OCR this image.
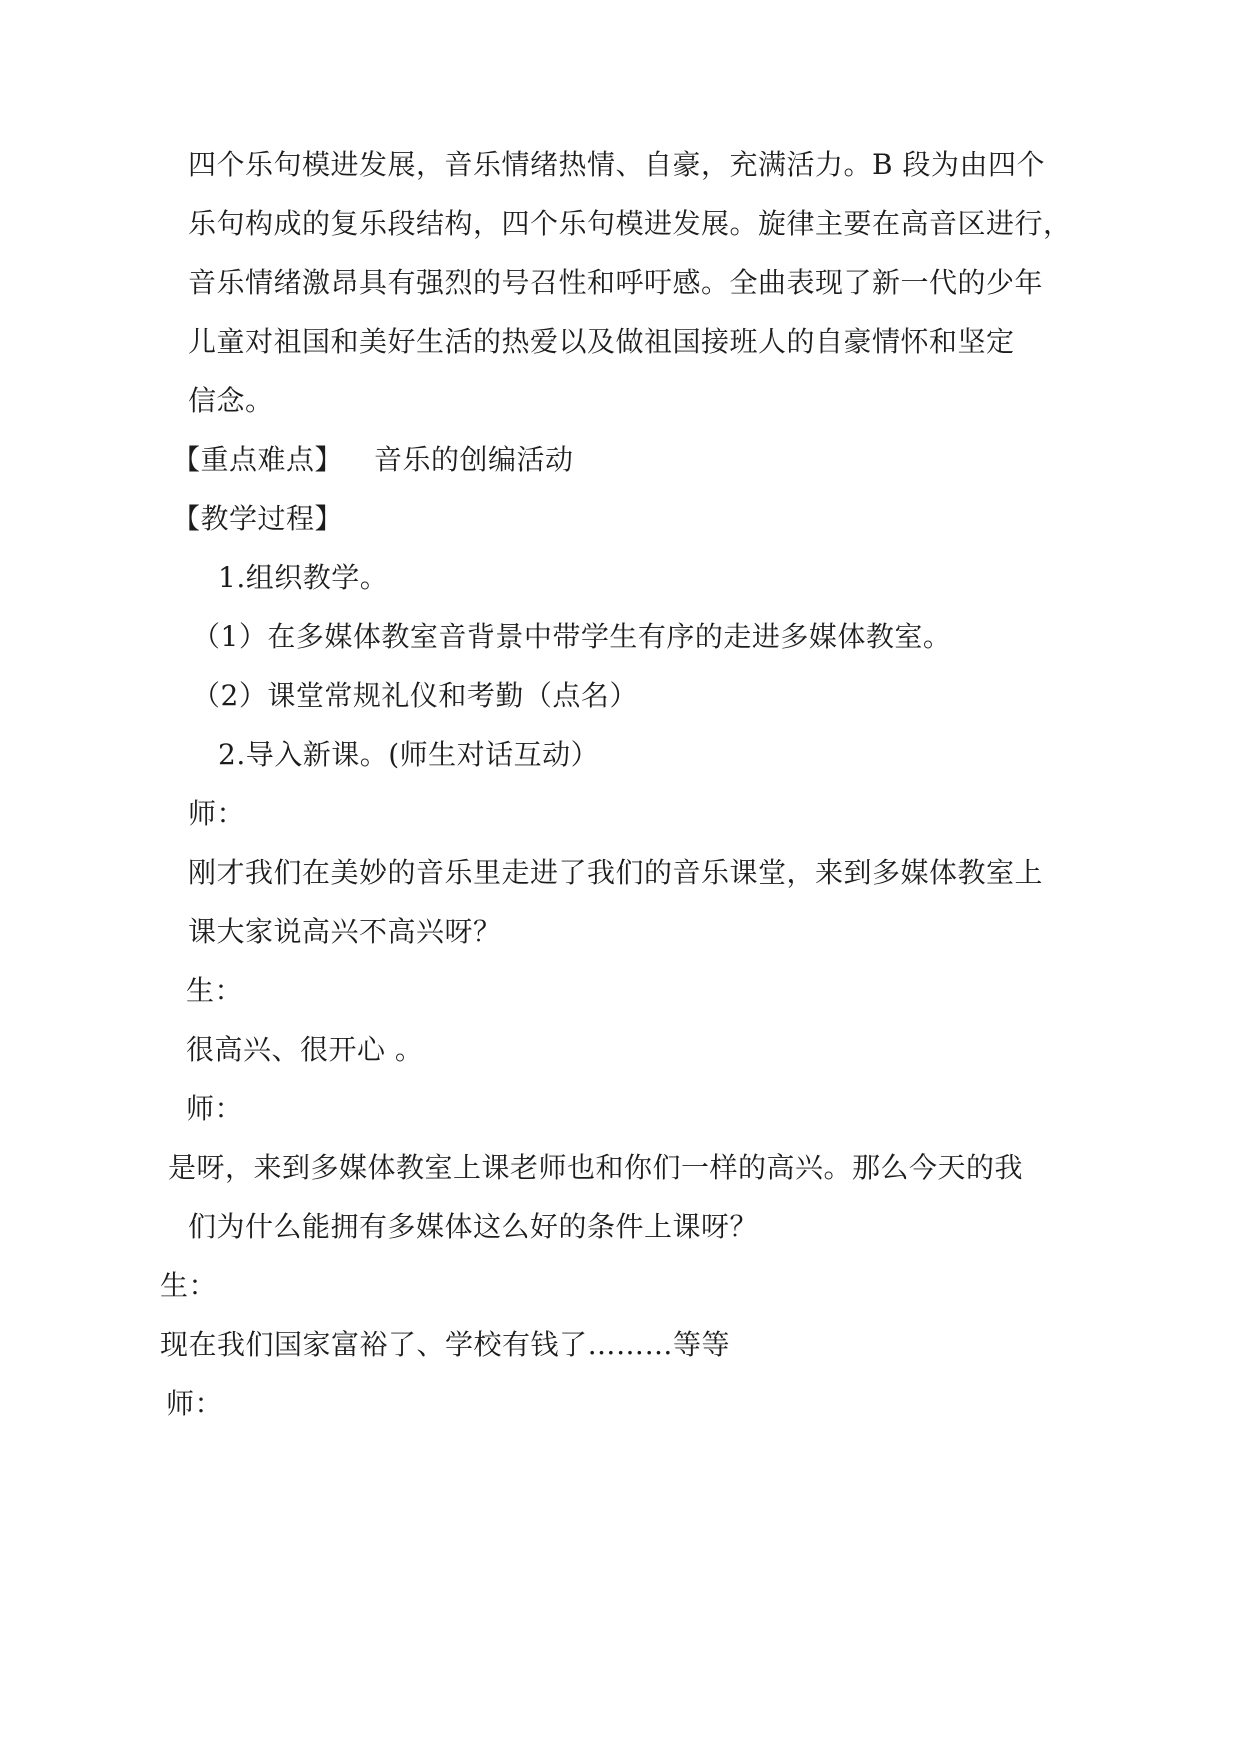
四个乐句模进发展，音乐情绪热情、自豪，充满活力。B 段为由四个
乐句构成的复乐段结构，四个乐句模进发展。旋律主要在高音区进行，
音乐情绪激昂具有强烈的号召性和呼吁感。全曲表现了新一代的少年
儿童对祖国和美好生活的热爱以及做祖国接班人的自豪情怀和坚定
信念。
【重点难点】 音乐的创编活动
【教学过程】
1.组织教学。
（1）在多媒体教室音背景中带学生有序的走进多媒体教室。
（2）课堂常规礼仪和考勤（点名）
2.导入新课。(师生对话互动）
师：
刚才我们在美妙的音乐里走进了我们的音乐课堂，来到多媒体教室上
课大家说高兴不高兴呀？
生：
很高兴、很开心 。
师：
是呀，来到多媒体教室上课老师也和你们一样的高兴。那么今天的我
们为什么能拥有多媒体这么好的条件上课呀？
生：
现在我们国家富裕了、学校有钱了………等等
师：
